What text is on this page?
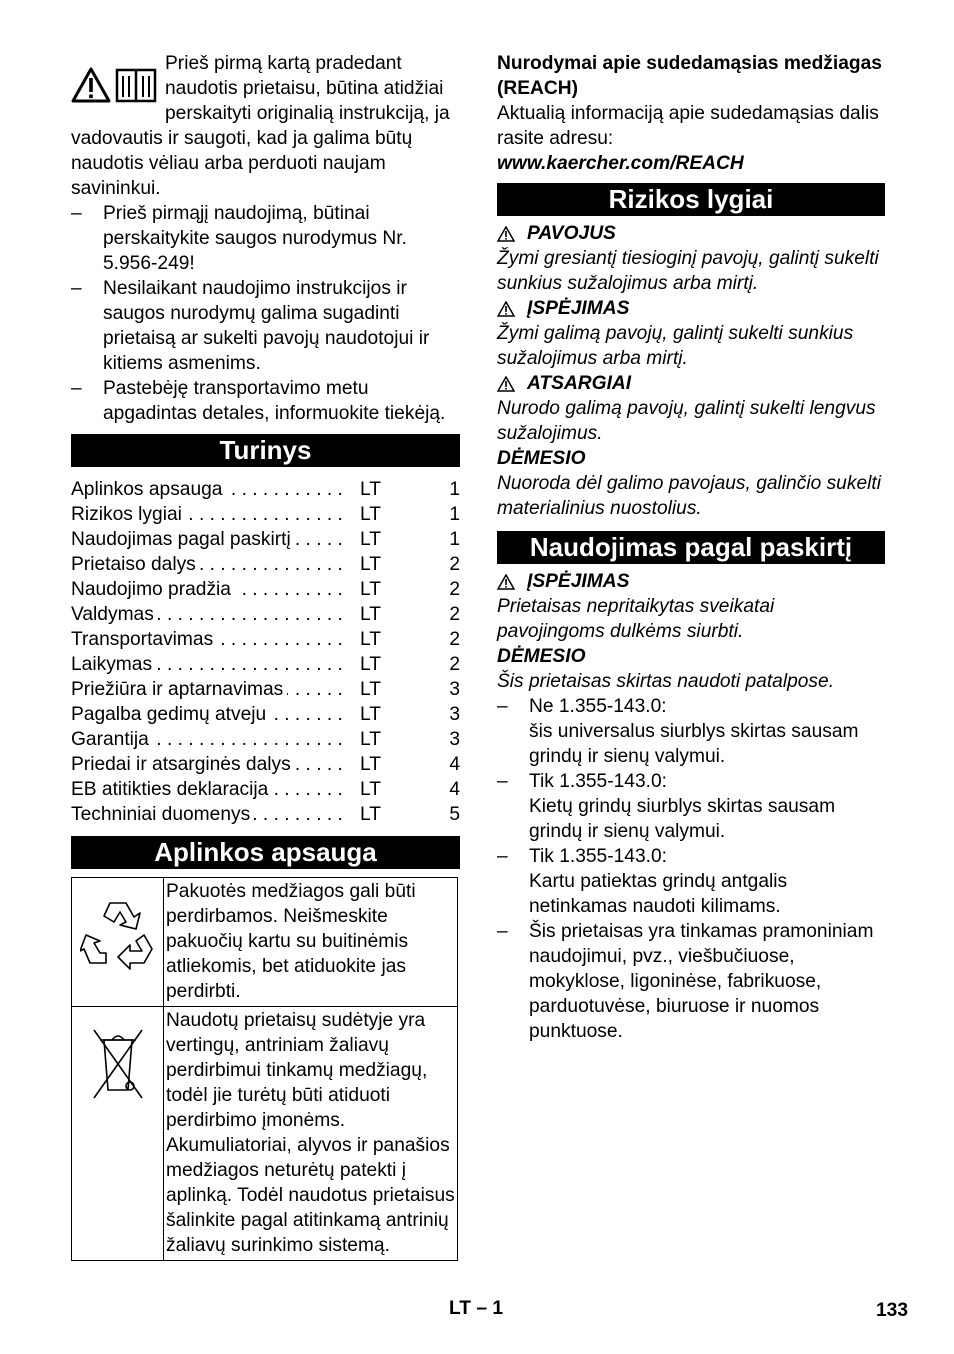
Prieš pirmą kartą pradedant naudotis prietaisu, būtina atidžiai perskaityti originalią instrukciją, ja vadovautis ir saugoti, kad ja galima būtų naudotis vėliau arba perduoti naujam savininkui.
– Prieš pirmąjį naudojimą, būtinai perskaitykite saugos nurodymus Nr. 5.956-249!
– Nesilaikant naudojimo instrukcijos ir saugos nurodymų galima sugadinti prietaisą ar sukelti pavojų naudotojui ir kitiems asmenims.
– Pastebėję transportavimo metu apgadintas detales, informuokite tiekėją.
Turinys
Aplinkos apsauga . . .	LT	1
Rizikos lygiai . . .	LT	1
Naudojimas pagal paskirtį . . .	LT	1
Prietaiso dalys . . .	LT	2
Naudojimo pradžia . . .	LT	2
Valdymas . . .	LT	2
Transportavimas . . .	LT	2
Laikymas . . .	LT	2
Priežiūra ir aptarnavimas . . .	LT	3
Pagalba gedimų atveju . . .	LT	3
Garantija . . .	LT	3
Priedai ir atsarginės dalys . . .	LT	4
EB atitikties deklaracija . . .	LT	4
Techniniai duomenys . . .	LT	5
Aplinkos apsauga
	Pakuotės medžiagos gali būti perdirbamos. Neišmeskite pakuočių kartu su buitinėmis atliekomis, bet atiduokite jas perdirbti.
	Naudotų prietaisų sudėtyje yra vertingų, antriniam žaliavų perdirbimui tinkamų medžiagų, todėl jie turėtų būti atiduoti perdirbimo įmonėms. Akumuliatoriai, alyvos ir panašios medžiagos neturėtų patekti į aplinką. Todėl naudotus prietaisus šalinkite pagal atitinkamą antrinių žaliavų surinkimo sistemą.
Nurodymai apie sudedamąsias medžiagas (REACH)
Aktualią informaciją apie sudedamąsias dalis rasite adresu:
www.kaercher.com/REACH
Rizikos lygiai
PAVOJUS
Žymi gresiantį tiesioginį pavojų, galintį sukelti sunkius sužalojimus arba mirtį.
ĮSPĖJIMAS
Žymi galimą pavojų, galintį sukelti sunkius sužalojimus arba mirtį.
ATSARGIAI
Nurodo galimą pavojų, galintį sukelti lengvus sužalojimus.
DĖMESIO
Nuoroda dėl galimo pavojaus, galinčio sukelti materialinius nuostolius.
Naudojimas pagal paskirtį
ĮSPĖJIMAS
Prietaisas nepritaikytas sveikatai pavojingoms dulkėms siurbti.
DĖMESIO
Šis prietaisas skirtas naudoti patalpose.
– Ne 1.355-143.0:
šis universalus siurblys skirtas sausam grindų ir sienų valymui.
– Tik 1.355-143.0:
Kietų grindų siurblys skirtas sausam grindų ir sienų valymui.
– Tik 1.355-143.0:
Kartu patiektas grindų antgalis netinkamas naudoti kilimams.
– Šis prietaisas yra tinkamas pramoniniam naudojimui, pvz., viešbučiuose, mokyklose, ligoninėse, fabrikuose, parduotuvėse, biuruose ir nuomos punktuose.
LT – 1	133
